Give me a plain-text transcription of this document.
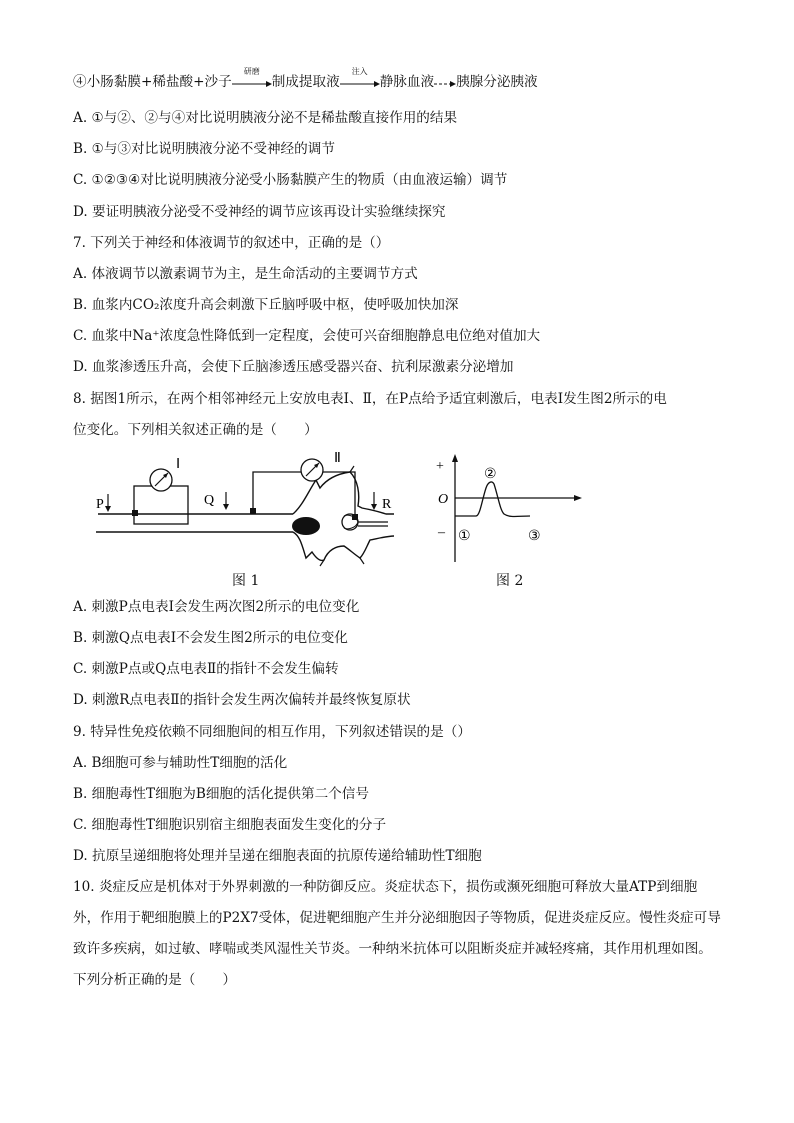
④小肠黏膜+稀盐酸+沙子
研磨
制成提取液
注入
静脉血液 胰腺分泌胰液
A. ①与②、②与④对比说明胰液分泌不是稀盐酸直接作用的结果
B. ①与③对比说明胰液分泌不受神经的调节
C. ①②③④对比说明胰液分泌受小肠黏膜产生的物质（由血液运输）调节
D. 要证明胰液分泌受不受神经的调节应该再设计实验继续探究
7. 下列关于神经和体液调节的叙述中，正确的是（）
A. 体液调节以激素调节为主，是生命活动的主要调节方式
B. 血浆内CO₂浓度升高会刺激下丘脑呼吸中枢，使呼吸加快加深
C. 血浆中Na⁺浓度急性降低到一定程度，会使可兴奋细胞静息电位绝对值加大
D. 血浆渗透压升高，会使下丘脑渗透压感受器兴奋、抗利尿激素分泌增加
8. 据图1所示，在两个相邻神经元上安放电表Ⅰ、Ⅱ，在P点给予适宜刺激后，电表Ⅰ发生图2所示的电
位变化。下列相关叙述正确的是（　　）
P	Q	R
Ⅰ	Ⅱ
图 1
+
O
– ①
②
③
图 2
A. 刺激P点电表Ⅰ会发生两次图2所示的电位变化
B. 刺激Q点电表Ⅰ不会发生图2所示的电位变化
C. 刺激P点或Q点电表Ⅱ的指针不会发生偏转
D. 刺激R点电表Ⅱ的指针会发生两次偏转并最终恢复原状
9. 特异性免疫依赖不同细胞间的相互作用，下列叙述错误的是（）
A. B细胞可参与辅助性T细胞的活化
B. 细胞毒性T细胞为B细胞的活化提供第二个信号
C. 细胞毒性T细胞识别宿主细胞表面发生变化的分子
D. 抗原呈递细胞将处理并呈递在细胞表面的抗原传递给辅助性T细胞
10. 炎症反应是机体对于外界刺激的一种防御反应。炎症状态下，损伤或濒死细胞可释放大量ATP到细胞外，作用于靶细胞膜上的P2X7受体，促进靶细胞产生并分泌细胞因子等物质，促进炎症反应。慢性炎症可导致许多疾病，如过敏、哮喘或类风湿性关节炎。一种纳米抗体可以阻断炎症并减轻疼痛，其作用机理如图。下列分析正确的是（　　）
